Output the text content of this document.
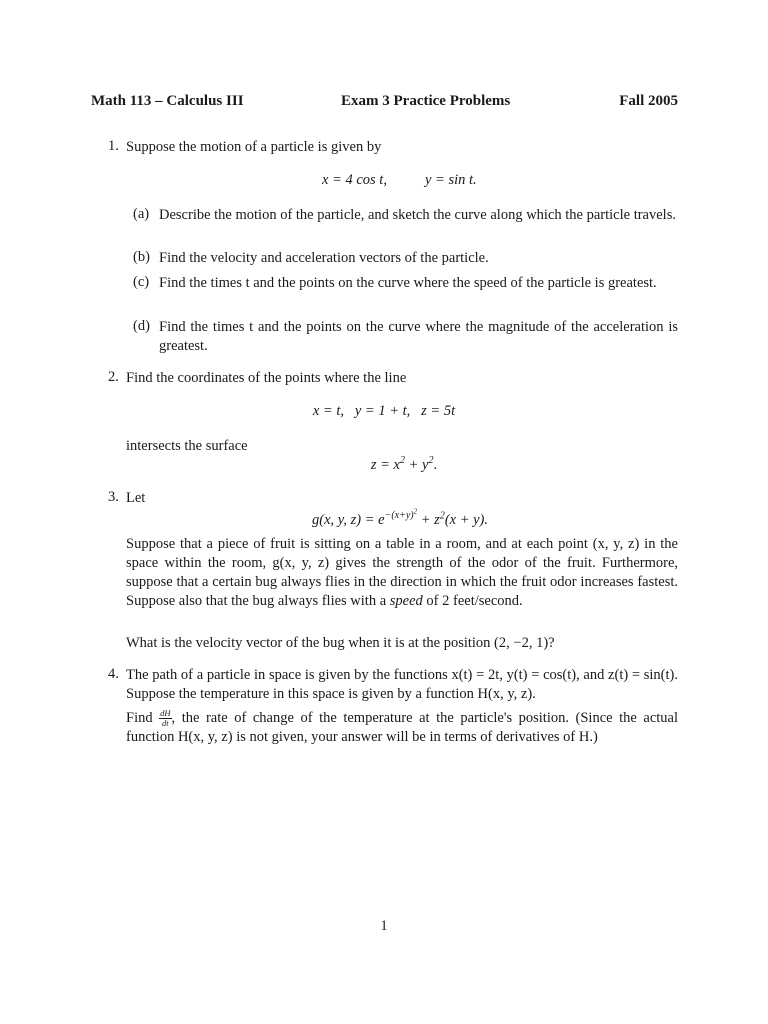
Math 113 – Calculus III	Exam 3 Practice Problems	Fall 2005
1. Suppose the motion of a particle is given by
x = 4 cos t,	y = sin t.
(a) Describe the motion of the particle, and sketch the curve along which the particle travels.
(b) Find the velocity and acceleration vectors of the particle.
(c) Find the times t and the points on the curve where the speed of the particle is greatest.
(d) Find the times t and the points on the curve where the magnitude of the acceleration is greatest.
2. Find the coordinates of the points where the line
x = t,   y = 1 + t,   z = 5t
intersects the surface
$z = x^2 + y^2$.
3. Let
g(x, y, $z) = e^{-(x+y)^2} + z^2(x + y)$.
Suppose that a piece of fruit is sitting on a table in a room, and at each point (x, y, z) in the space within the room, g(x, y, z) gives the strength of the odor of the fruit. Furthermore, suppose that a certain bug always flies in the direction in which the fruit odor increases fastest. Suppose also that the bug always flies with a speed of 2 feet/second.
What is the velocity vector of the bug when it is at the position (2, −2, 1)?
4. The path of a particle in space is given by the functions x(t) = 2t, y(t) = cos(t), and z(t) = sin(t). Suppose the temperature in this space is given by a function H(x, y, z).
Find $\frac{dH}{dt}$ , the rate of change of the temperature at the particle's position. (Since the actual function H(x, y, z) is not given, your answer will be in terms of derivatives of H.)
1
